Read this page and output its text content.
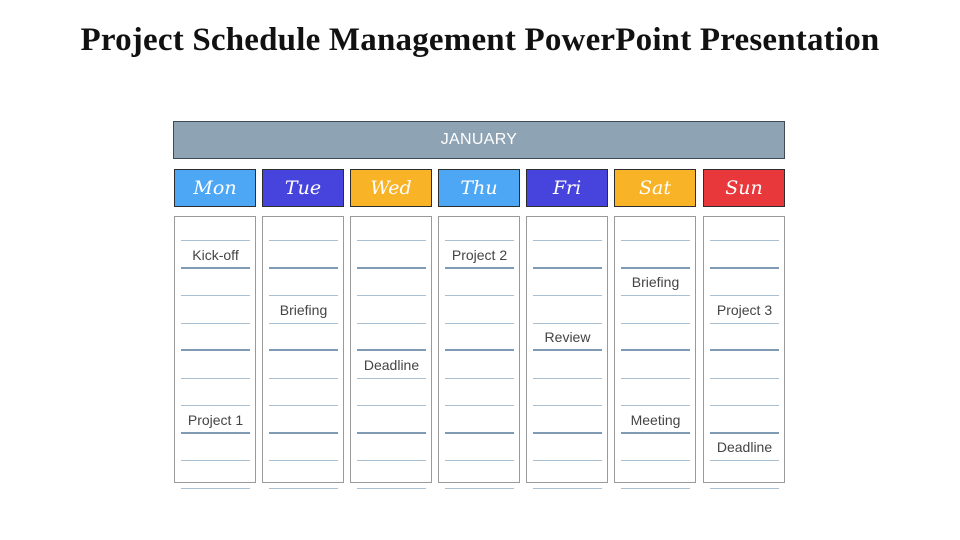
Project Schedule Management PowerPoint Presentation
JANUARY
Mon
Kick-off
Project 1
Tue
Briefing
Wed
Deadline
Thu
Project 2
Fri
Review
Sat
Briefing
Meeting
Sun
Project 3
Deadline
